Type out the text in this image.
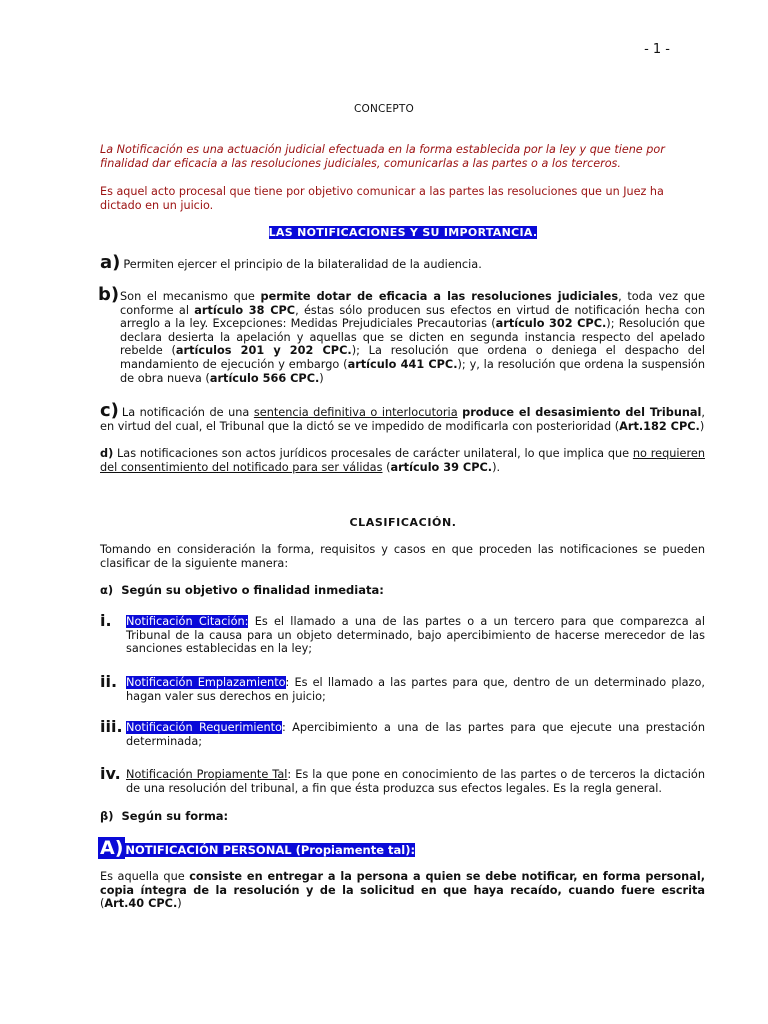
- 1 -
CONCEPTO
La Notificación es una actuación judicial efectuada en la forma establecida por la ley y que tiene por finalidad dar eficacia a las resoluciones judiciales, comunicarlas a las partes o a los terceros.
Es aquel acto procesal que tiene por objetivo comunicar a las partes las resoluciones que un Juez ha dictado en un juicio.
LAS NOTIFICACIONES Y SU IMPORTANCIA.
a) Permiten ejercer el principio de la bilateralidad de la audiencia.
b) Son el mecanismo que permite dotar de eficacia a las resoluciones judiciales, toda vez que conforme al artículo 38 CPC, éstas sólo producen sus efectos en virtud de notificación hecha con arreglo a la ley. Excepciones: Medidas Prejudiciales Precautorias (artículo 302 CPC.); Resolución que declara desierta la apelación y aquellas que se dicten en segunda instancia respecto del apelado rebelde (artículos 201 y 202 CPC.); La resolución que ordena o deniega el despacho del mandamiento de ejecución y embargo (artículo 441 CPC.); y, la resolución que ordena la suspensión de obra nueva (artículo 566 CPC.)
c) La notificación de una sentencia definitiva o interlocutoria produce el desasimiento del Tribunal, en virtud del cual, el Tribunal que la dictó se ve impedido de modificarla con posterioridad (Art.182 CPC.)
d) Las notificaciones son actos jurídicos procesales de carácter unilateral, lo que implica que no requieren del consentimiento del notificado para ser válidas (artículo 39 CPC.).
CLASIFICACIÓN.
Tomando en consideración la forma, requisitos y casos en que proceden las notificaciones se pueden clasificar de la siguiente manera:
α) Según su objetivo o finalidad inmediata:
i. Notificación Citación: Es el llamado a una de las partes o a un tercero para que comparezca al Tribunal de la causa para un objeto determinado, bajo apercibimiento de hacerse merecedor de las sanciones establecidas en la ley;
ii. Notificación Emplazamiento: Es el llamado a las partes para que, dentro de un determinado plazo, hagan valer sus derechos en juicio;
iii. Notificación Requerimiento: Apercibimiento a una de las partes para que ejecute una prestación determinada;
iv. Notificación Propiamente Tal: Es la que pone en conocimiento de las partes o de terceros la dictación de una resolución del tribunal, a fin que ésta produzca sus efectos legales. Es la regla general.
β) Según su forma:
A) NOTIFICACIÓN PERSONAL (Propiamente tal):
Es aquella que consiste en entregar a la persona a quien se debe notificar, en forma personal, copia íntegra de la resolución y de la solicitud en que haya recaído, cuando fuere escrita (Art.40 CPC.)
